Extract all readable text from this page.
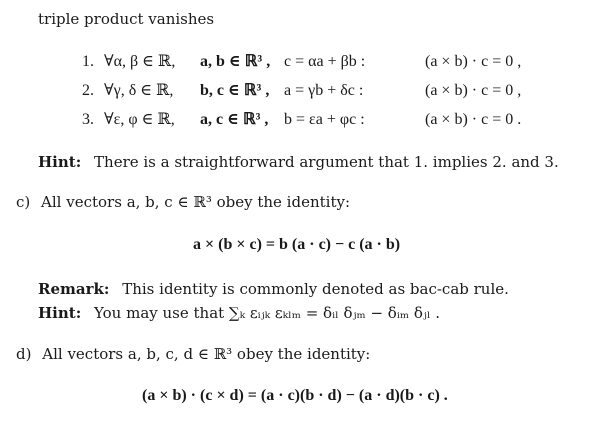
triple product vanishes
1. ∀α, β ∈ ℝ, a, b ∈ ℝ³ , c = αa + βb :	(a × b) · c = 0 ,
2. ∀γ, δ ∈ ℝ, b, c ∈ ℝ³ , a = γb + δc :	(a × b) · c = 0 ,
3. ∀ε, φ ∈ ℝ, a, c ∈ ℝ³ , b = εa + φc :	(a × b) · c = 0 .
Hint: There is a straightforward argument that 1. implies 2. and 3.
c) All vectors a, b, c ∈ ℝ³ obey the identity:
a × (b × c) = b (a · c) − c (a · b)
Remark: This identity is commonly denoted as bac-cab rule.
Hint: You may use that ∑ₖ εᵢⱼₖ εₖₗₘ = δᵢₗ δⱼₘ − δᵢₘ δⱼₗ .
d) All vectors a, b, c, d ∈ ℝ³ obey the identity:
(a × b) · (c × d) = (a · c)(b · d) − (a · d)(b · c) .
